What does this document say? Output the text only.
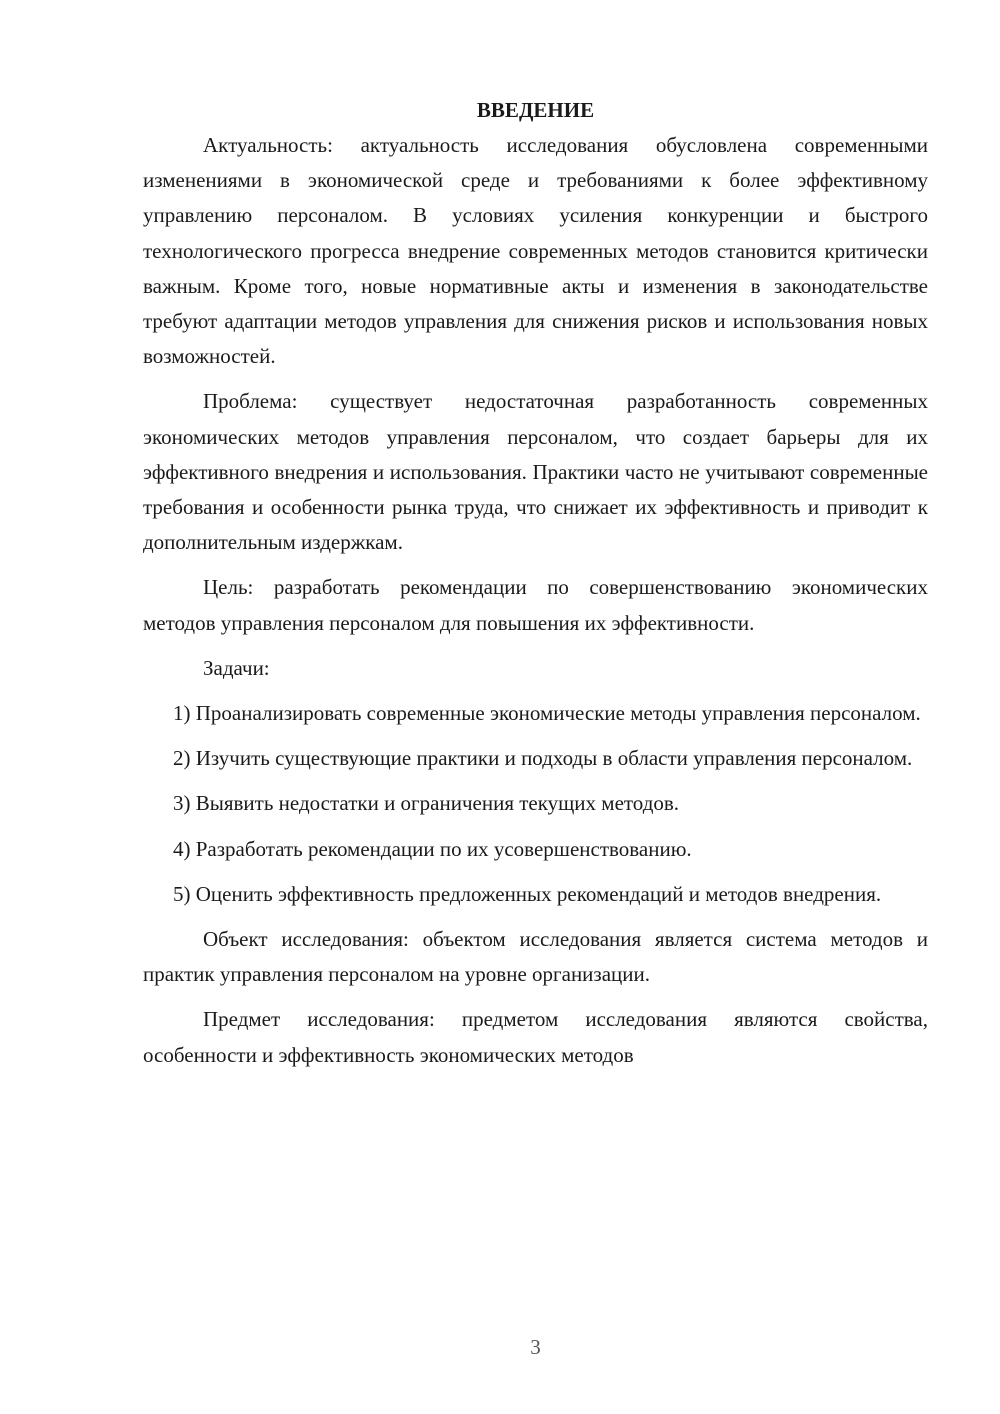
ВВЕДЕНИЕ

Актуальность: актуальность исследования обусловлена современными изменениями в экономической среде и требованиями к более эффективному управлению персоналом. В условиях усиления конкуренции и быстрого технологического прогресса внедрение современных методов становится критически важным. Кроме того, новые нормативные акты и изменения в законодательстве требуют адаптации методов управления для снижения рисков и использования новых возможностей.

Проблема: существует недостаточная разработанность современных экономических методов управления персоналом, что создает барьеры для их эффективного внедрения и использования. Практики часто не учитывают современные требования и особенности рынка труда, что снижает их эффективность и приводит к дополнительным издержкам.

Цель: разработать рекомендации по совершенствованию экономических методов управления персоналом для повышения их эффективности.

Задачи:

1) Проанализировать современные экономические методы управления персоналом.

2) Изучить существующие практики и подходы в области управления персоналом.

3) Выявить недостатки и ограничения текущих методов.

4) Разработать рекомендации по их усовершенствованию.

5) Оценить эффективность предложенных рекомендаций и методов внедрения.

Объект исследования: объектом исследования является система методов и практик управления персоналом на уровне организации.

Предмет исследования: предметом исследования являются свойства, особенности и эффективность экономических методов

3
